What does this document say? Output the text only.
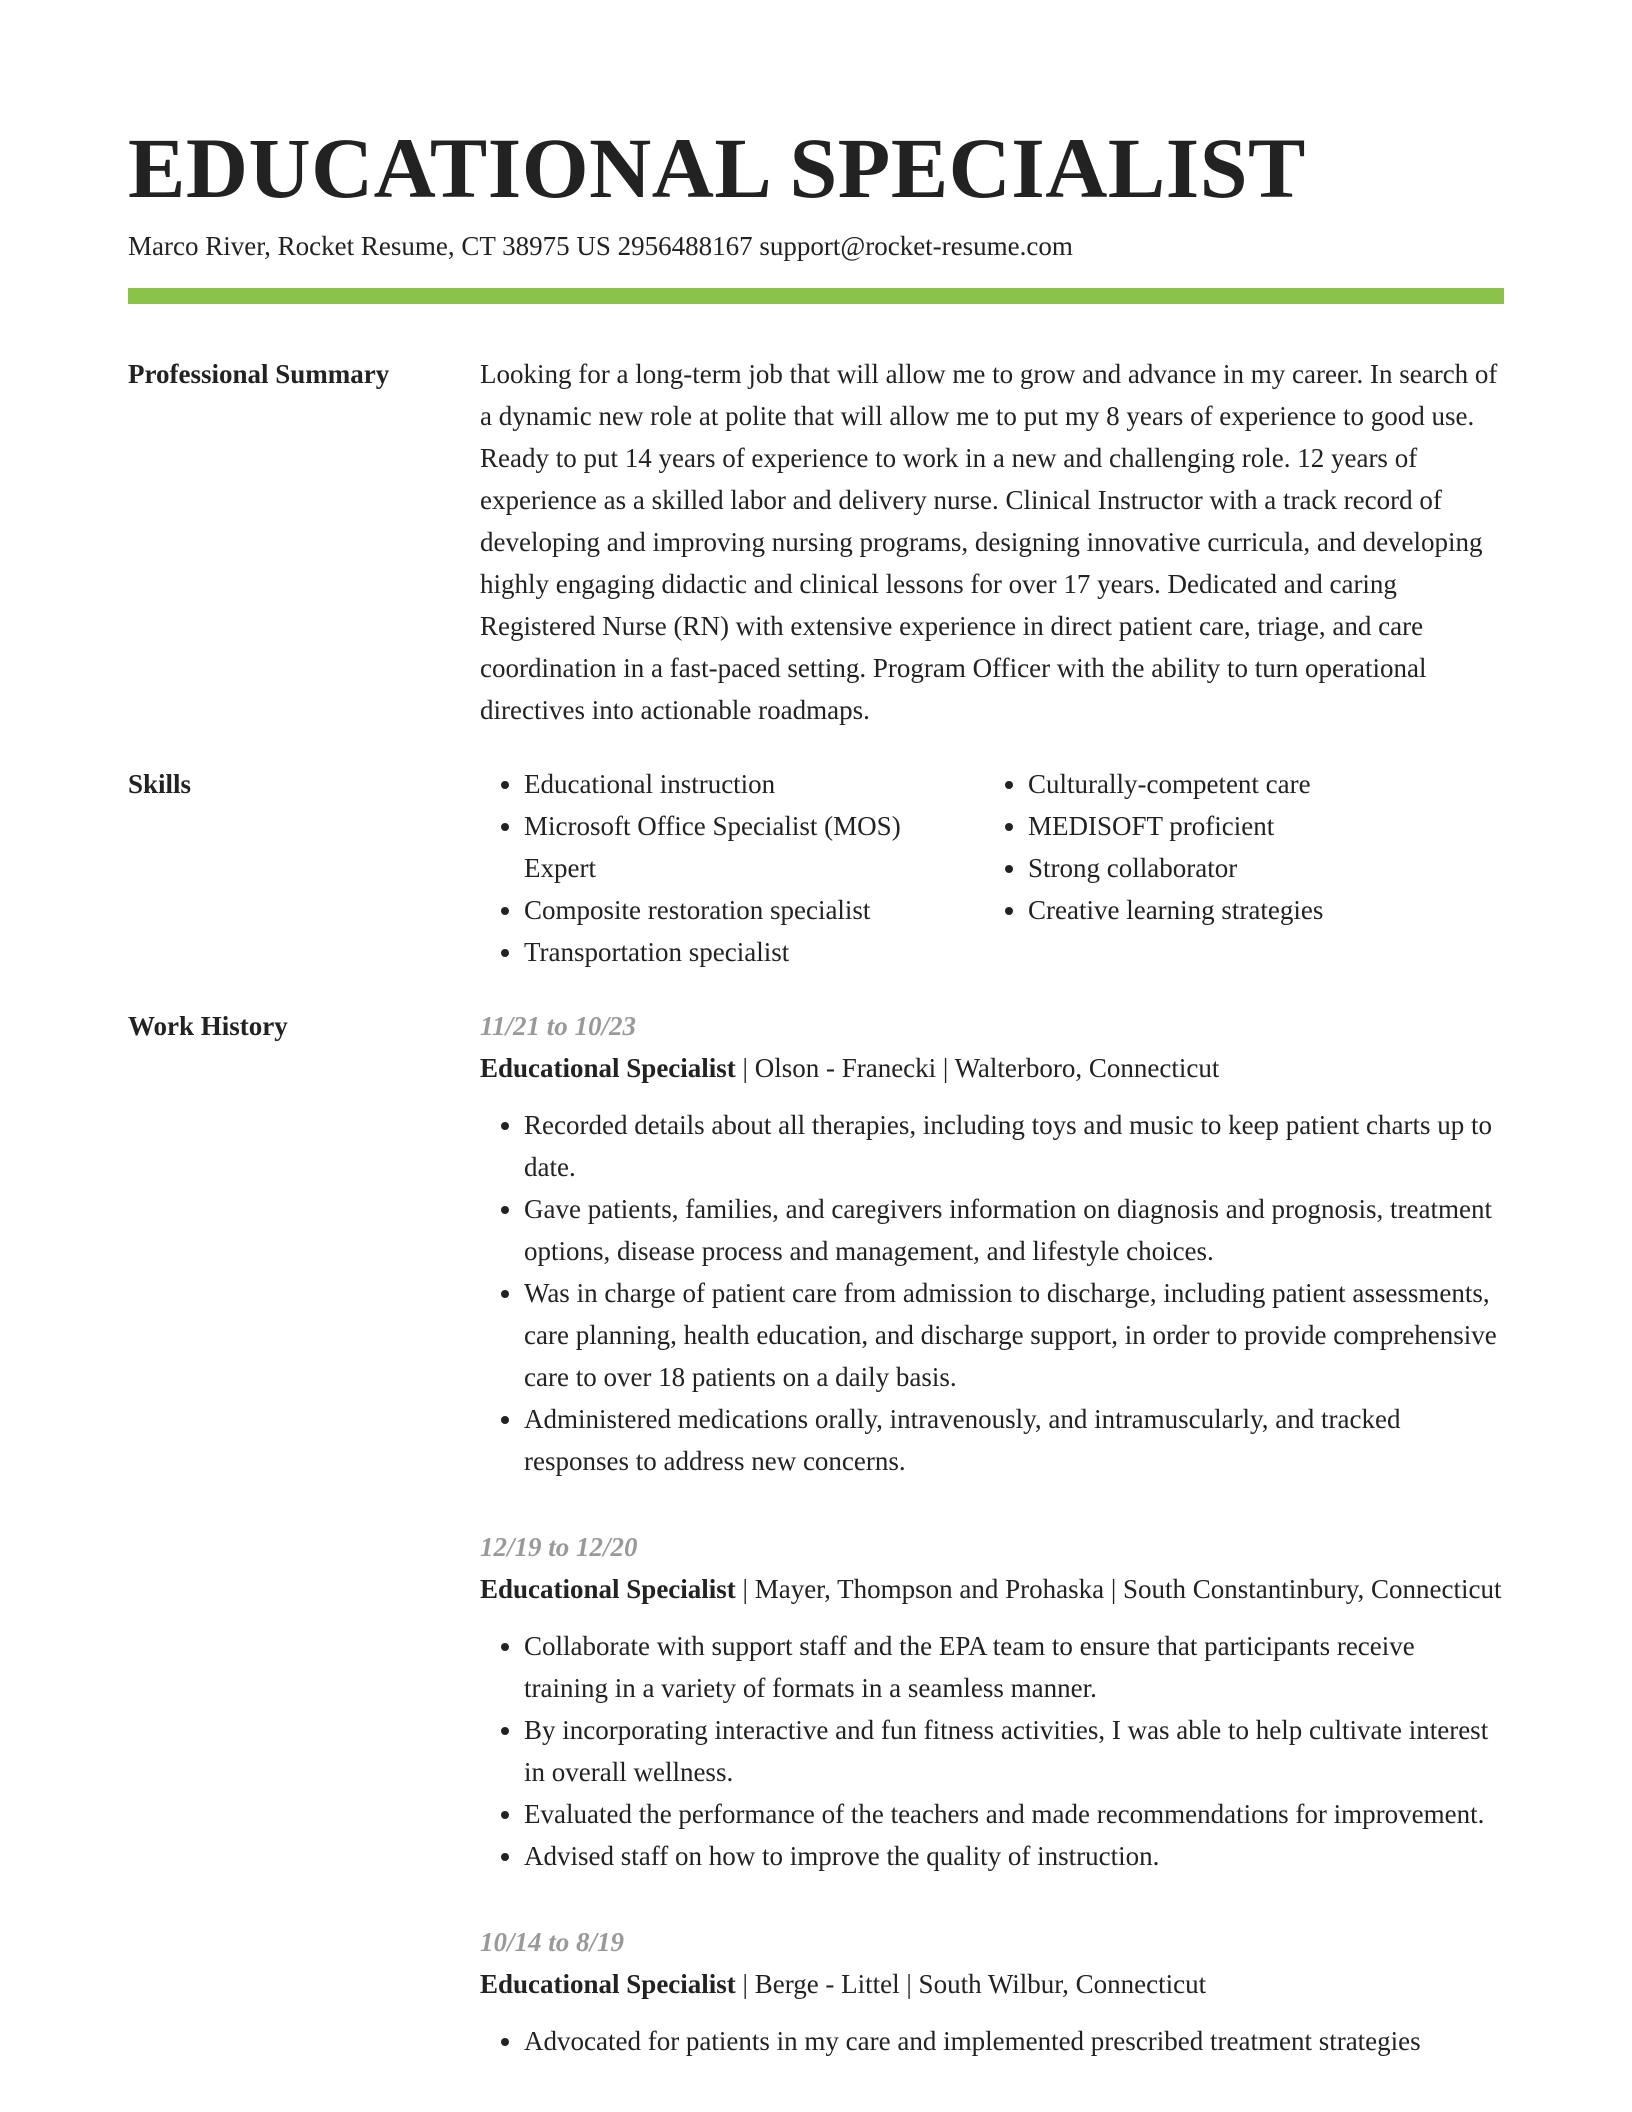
EDUCATIONAL SPECIALIST
Marco River, Rocket Resume, CT 38975 US 2956488167 support@rocket-resume.com
Professional Summary	Looking for a long-term job that will allow me to grow and advance in my career. In search of a dynamic new role at polite that will allow me to put my 8 years of experience to good use. Ready to put 14 years of experience to work in a new and challenging role. 12 years of experience as a skilled labor and delivery nurse. Clinical Instructor with a track record of developing and improving nursing programs, designing innovative curricula, and developing highly engaging didactic and clinical lessons for over 17 years. Dedicated and caring Registered Nurse (RN) with extensive experience in direct patient care, triage, and care coordination in a fast-paced setting. Program Officer with the ability to turn operational directives into actionable roadmaps.
Skills
•	Educational instruction
• Microsoft Office Specialist (MOS) Expert
• Composite restoration specialist
• Transportation specialist
• Culturally-competent care
• MEDISOFT proficient
• Strong collaborator
• Creative learning strategies
Work History	11/21 to 10/23
Educational Specialist | Olson - Franecki | Walterboro, Connecticut
• Recorded details about all therapies, including toys and music to keep patient charts up to date.
• Gave patients, families, and caregivers information on diagnosis and prognosis, treatment options, disease process and management, and lifestyle choices.
• Was in charge of patient care from admission to discharge, including patient assessments, care planning, health education, and discharge support, in order to provide comprehensive care to over 18 patients on a daily basis.
• Administered medications orally, intravenously, and intramuscularly, and tracked responses to address new concerns.
12/19 to 12/20
Educational Specialist | Mayer, Thompson and Prohaska | South Constantinbury, Connecticut
• Collaborate with support staff and the EPA team to ensure that participants receive training in a variety of formats in a seamless manner.
• By incorporating interactive and fun fitness activities, I was able to help cultivate interest in overall wellness.
• Evaluated the performance of the teachers and made recommendations for improvement.
• Advised staff on how to improve the quality of instruction.
10/14 to 8/19
Educational Specialist | Berge - Littel | South Wilbur, Connecticut
• Advocated for patients in my care and implemented prescribed treatment strategies
